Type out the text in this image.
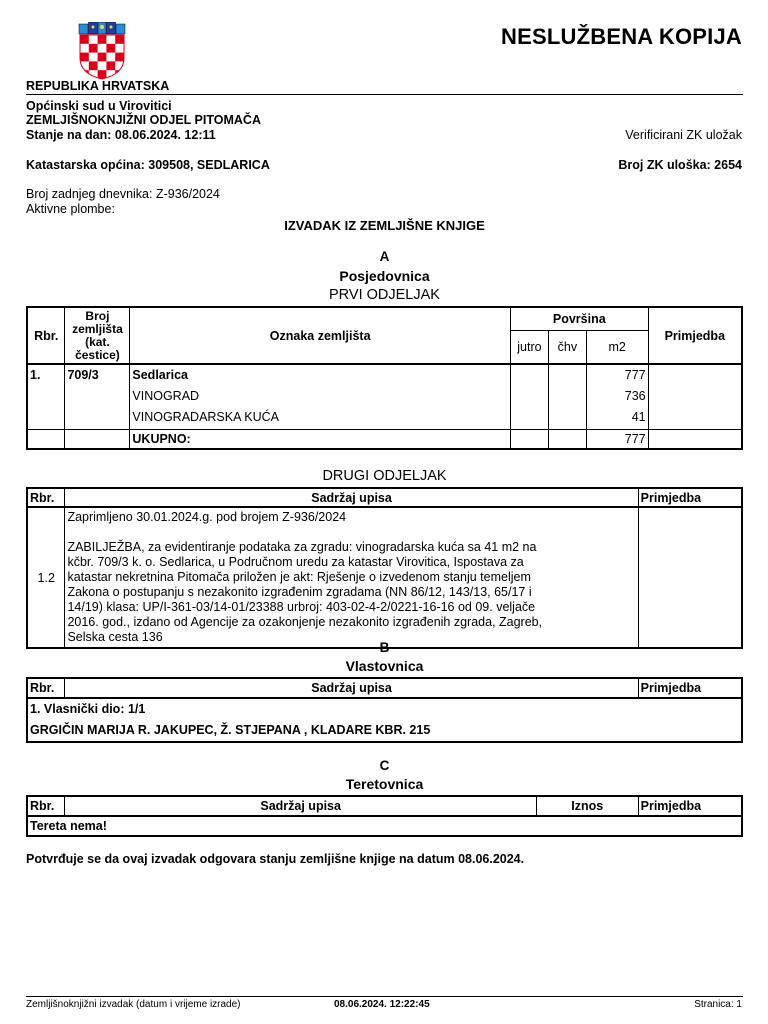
NESLUŽBENA KOPIJA
REPUBLIKA HRVATSKA
Općinski sud u Virovitici
ZEMLJIŠNOKNJIŽNI ODJEL PITOMAČA
Stanje na dan: 08.06.2024. 12:11	Verificirani ZK uložak
Katastarska općina: 309508, SEDLARICA	Broj ZK uloška: 2654
Broj zadnjeg dnevnika: Z-936/2024
Aktivne plombe:
IZVADAK IZ ZEMLJIŠNE KNJIGE
A
Posjedovnica
PRVI ODJELJAK
Rbr.	Broj zemljišta (kat. čestice)	Oznaka zemljišta	Površina			Primjedba
			jutro	čhv	m2	
1.	709/3	Sedlarica			777	
		VINOGRAD			736	
		VINOGRADARSKA KUĆA			41	
		UKUPNO:			777	
DRUGI ODJELJAK
Rbr.	Sadržaj upisa	Primjedba
1.2	Zaprimljeno 30.01.2024.g. pod brojem Z-936/2024
ZABILJEŽBA, za evidentiranje podataka za zgradu: vinogradarska kuća sa 41 m2 na kčbr. 709/3 k. o. Sedlarica, u Područnom uredu za katastar Virovitica, Ispostava za katastar nekretnina Pitomača priložen je akt: Rješenje o izvedenom stanju temeljem Zakona o postupanju s nezakonito izgrađenim zgradama (NN 86/12, 143/13, 65/17 i 14/19) klasa: UP/I-361-03/14-01/23388 urbroj: 403-02-4-2/0221-16-16 od 09. veljače 2016. god., izdano od Agencije za ozakonjenje nezakonito izgrađenih zgrada, Zagreb, Selska cesta 136	

B
Vlastovnica
Rbr.	Sadržaj upisa	Primjedba
1. Vlasnički dio: 1/1
GRGIČIN MARIJA R. JAKUPEC, Ž. STJEPANA , KLADARE KBR. 215
C
Teretovnica
Rbr.	Sadržaj upisa	Iznos	Primjedba
Tereta nema!
Potvrđuje se da ovaj izvadak odgovara stanju zemljišne knjige na datum 08.06.2024.
Zemljišnoknjižni izvadak (datum i vrijeme izrade)	08.06.2024. 12:22:45	Stranica: 1
